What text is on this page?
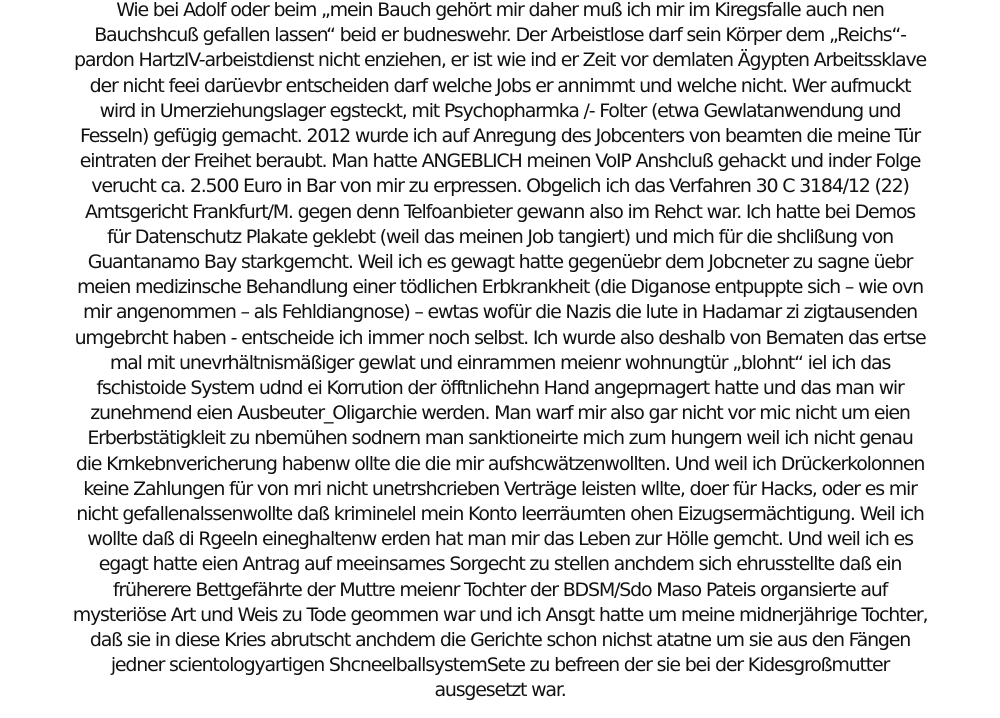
Wie bei Adolf oder beim „mein Bauch gehört mir daher muß ich mir im Kiregsfalle auch nen
Bauchshcuß gefallen lassen“ beid er budneswehr. Der Arbeistlose darf sein Körper dem „Reichs“-
pardon HartzIV-arbeistdienst nicht enziehen, er ist wie ind er Zeit vor demlaten Ägypten Arbeitssklave
der nicht feei darüevbr entscheiden darf welche Jobs er annimmt und welche nicht. Wer aufmuckt
wird in Umerziehungslager egsteckt, mit Psychopharmka /- Folter (etwa Gewlatanwendung und
Fesseln) gefügig gemacht. 2012 wurde ich auf Anregung des Jobcenters von beamten die meine Tür
eintraten der Freihet beraubt. Man hatte ANGEBLICH meinen VoIP Anshcluß gehackt und inder Folge
verucht ca. 2.500 Euro in Bar von mir zu erpressen. Obgelich ich das Verfahren 30 C 3184/12 (22)
Amtsgericht Frankfurt/M. gegen denn Telfoanbieter gewann also im Rehct war. Ich hatte bei Demos
für Datenschutz Plakate geklebt (weil das meinen Job tangiert) und mich für die shclißung von
Guantanamo Bay starkgemcht. Weil ich es gewagt hatte gegenüebr dem Jobcneter zu sagne üebr
meien medizinsche Behandlung einer tödlichen Erbkrankheit (die Diganose entpuppte sich – wie ovn
mir angenommen – als Fehldiangnose) – ewtas wofür die Nazis die lute in Hadamar zi zigtausenden
umgebrcht haben - entscheide ich immer noch selbst. Ich wurde also deshalb von Bematen das ertse
mal mit unevrhältnismäßiger gewlat und einrammen meienr wohnungtür „blohnt“ iel ich das
fschistoide System udnd ei Korrution der öfftnlichehn Hand angeprnagert hatte und das man wir
zunehmend eien Ausbeuter_Oligarchie werden. Man warf mir also gar nicht vor mic nicht um eien
Erberbstätigkleit zu nbemühen sodnern man sanktioneirte mich zum hungern weil ich nicht genau
die Krnkebnvericherung habenw ollte die die mir aufshcwätzenwollten. Und weil ich Drückerkolonnen
keine Zahlungen für von mri nicht unetrshcrieben Verträge leisten wllte, doer für Hacks, oder es mir
nicht gefallenalssenwollte daß kriminelel mein Konto leerräumten ohen Eizugsermächtigung. Weil ich
wollte daß di Rgeeln eineghaltenw erden hat man mir das Leben zur Hölle gemcht. Und weil ich es
egagt hatte eien Antrag auf meeinsames Sorgecht zu stellen anchdem sich ehrusstellte daß ein
früherere Bettgefährte der Muttre meienr Tochter der BDSM/Sdo Maso Pateis organsierte auf
mysteriöse Art und Weis zu Tode geommen war und ich Ansgt hatte um meine midnerjährige Tochter,
daß sie in diese Kries abrutscht anchdem die Gerichte schon nichst atatne um sie aus den Fängen
jedner scientologyartigen ShcneelballsystemSete zu befreen der sie bei der Kidesgroßmutter
ausgesetzt war.
